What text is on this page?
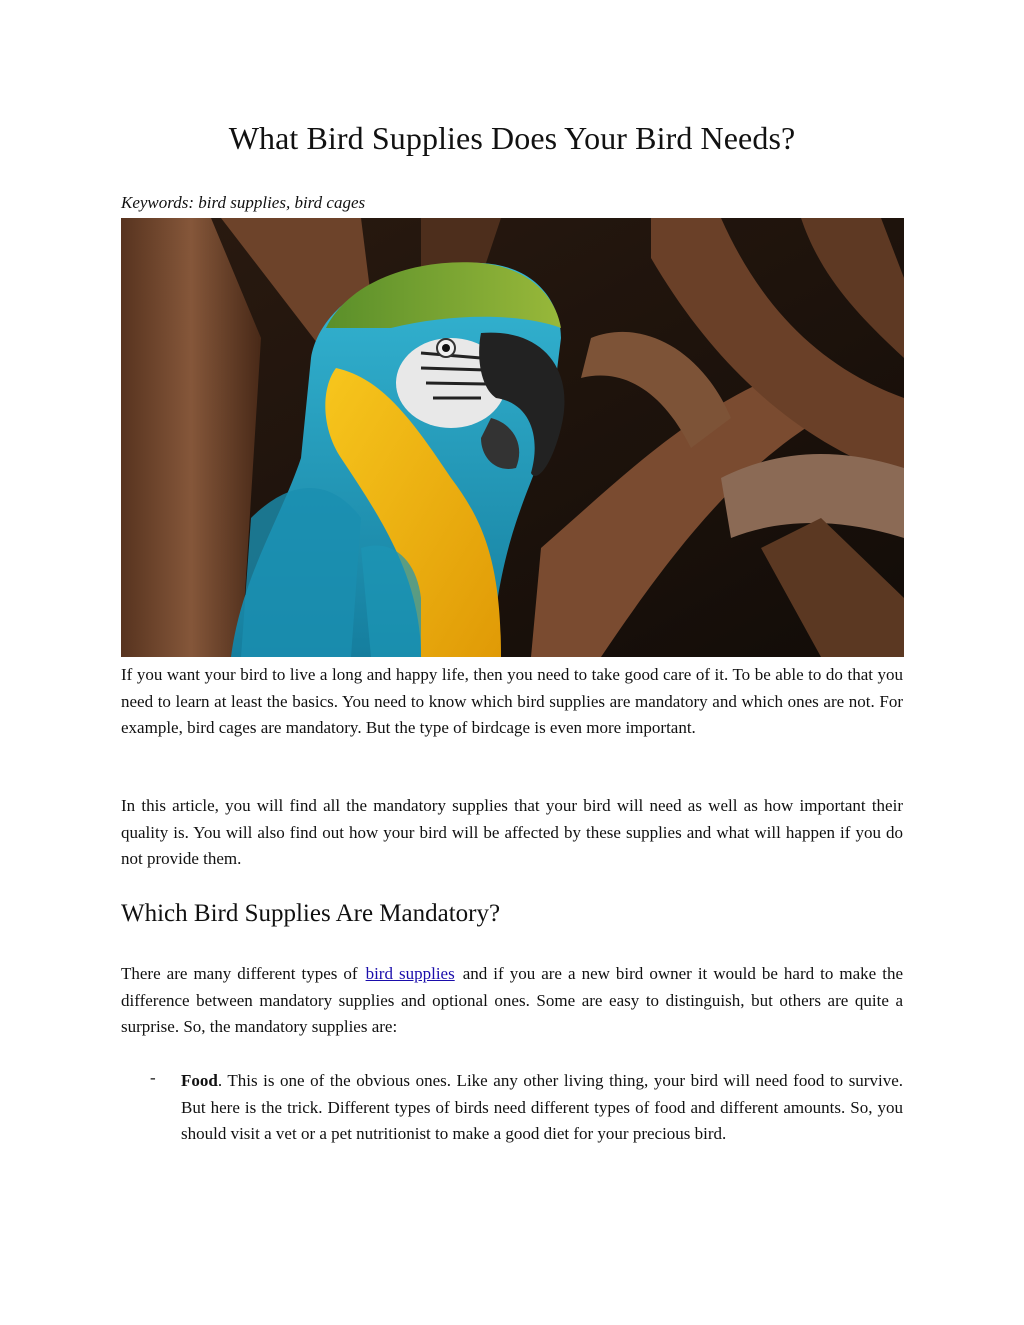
What Bird Supplies Does Your Bird Needs?

Keywords: bird supplies, bird cages

If you want your bird to live a long and happy life, then you need to take good care of it. To be able to do that you need to learn at least the basics. You need to know which bird supplies are mandatory and which ones are not. For example, bird cages are mandatory. But the type of birdcage is even more important.

In this article, you will find all the mandatory supplies that your bird will need as well as how important their quality is. You will also find out how your bird will be affected by these supplies and what will happen if you do not provide them.

Which Bird Supplies Are Mandatory?

There are many different types of bird supplies and if you are a new bird owner it would be hard to make the difference between mandatory supplies and optional ones. Some are easy to distinguish, but others are quite a surprise. So, the mandatory supplies are:

- Food. This is one of the obvious ones. Like any other living thing, your bird will need food to survive. But here is the trick. Different types of birds need different types of food and different amounts. So, you should visit a vet or a pet nutritionist to make a good diet for your precious bird.
